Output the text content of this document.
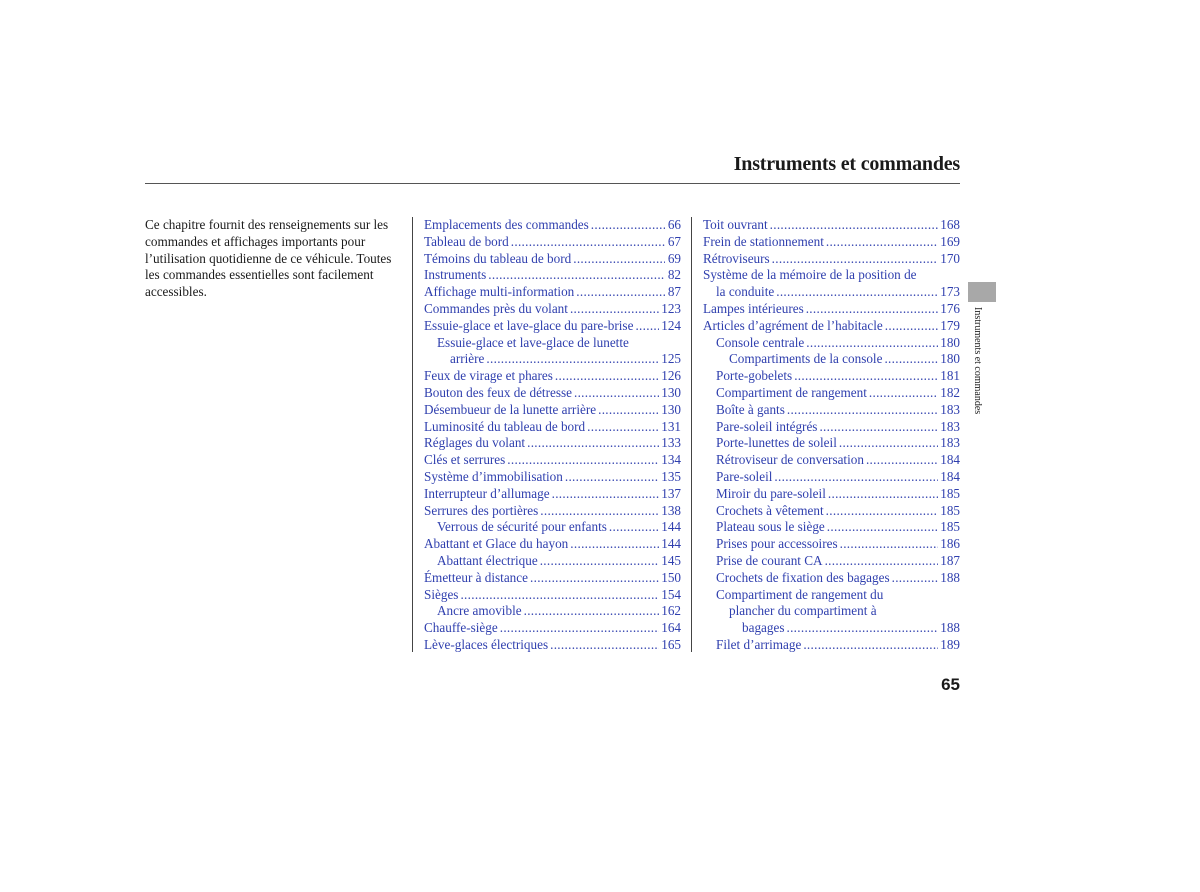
Instruments et commandes
Ce chapitre fournit des renseignements sur les commandes et affichages importants pour l’utilisation quotidienne de ce véhicule. Toutes les commandes essentielles sont facilement accessibles.
Emplacements des commandes .....	66
Tableau de bord .....	67
Témoins du tableau de bord .....	69
Instruments .....	82
Affichage multi-information .....	87
Commandes près du volant .....	123
Essuie-glace et lave-glace du pare-brise ..... 124
Essuie-glace et lave-glace de lunette
arrière .....	125
Feux de virage et phares .....	126
Bouton des feux de détresse .....	130
Désembueur de la lunette arrière .....	130
Luminosité du tableau de bord .....	131
Réglages du volant .....	133
Clés et serrures .....	134
Système d’immobilisation .....	135
Interrupteur d’allumage .....	137
Serrures des portières .....	138
Verrous de sécurité pour enfants .....	144
Abattant et Glace du hayon .....	144
Abattant électrique .....	145
Émetteur à distance .....	150
Sièges .....	154
Ancre amovible .....	162
Chauffe-siège .....	164
Lève-glaces électriques .....	165
Toit ouvrant .....	168
Frein de stationnement .....	169
Rétroviseurs .....	170
Système de la mémoire de la position de
la conduite .....	173
Lampes intérieures .....	176
Articles d’agrément de l’habitacle .....	179
Console centrale .....	180
Compartiments de la console .....	180
Porte-gobelets .....	181
Compartiment de rangement .....	182
Boîte à gants .....	183
Pare-soleil intégrés .....	183
Porte-lunettes de soleil .....	183
Rétroviseur de conversation .....	184
Pare-soleil .....	184
Miroir du pare-soleil .....	185
Crochets à vêtement .....	185
Plateau sous le siège .....	185
Prises pour accessoires .....	186
Prise de courant CA .....	187
Crochets de fixation des bagages .....	188
Compartiment de rangement du
plancher du compartiment à
bagages .....	188
Filet d’arrimage .....	189
Instruments et commandes
65
